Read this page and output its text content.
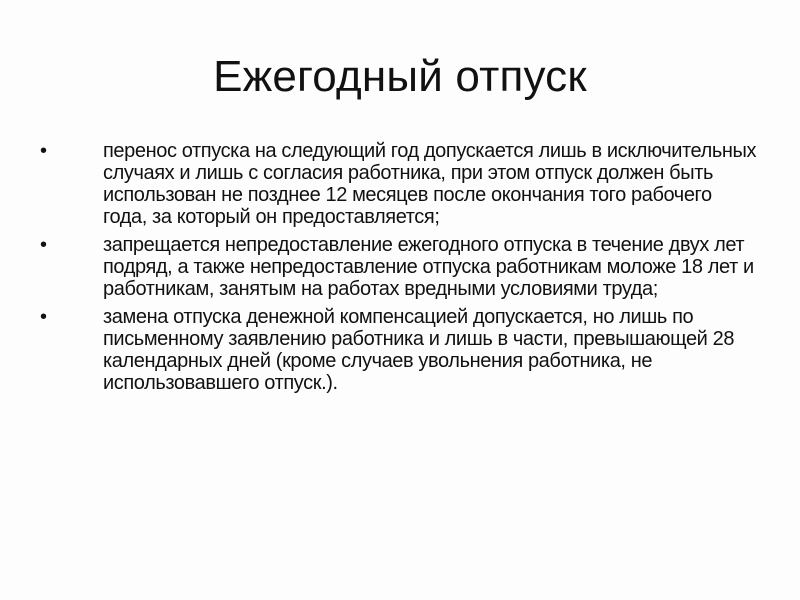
Ежегодный отпуск
•	перенос отпуска на следующий год допускается лишь в исключительных случаях и лишь с согласия работника, при этом отпуск должен быть использован не позднее 12 месяцев после окончания того рабочего года, за который он предоставляется;
•	запрещается непредоставление ежегодного отпуска в течение двух лет подряд, а также непредоставление отпуска работникам моложе 18 лет и работникам, занятым на работах вредными условиями труда;
•	замена отпуска денежной компенсацией допускается, но лишь по письменному заявлению работника и лишь в части, превышающей 28 календарных дней (кроме случаев увольнения работника, не использовавшего отпуск.).
